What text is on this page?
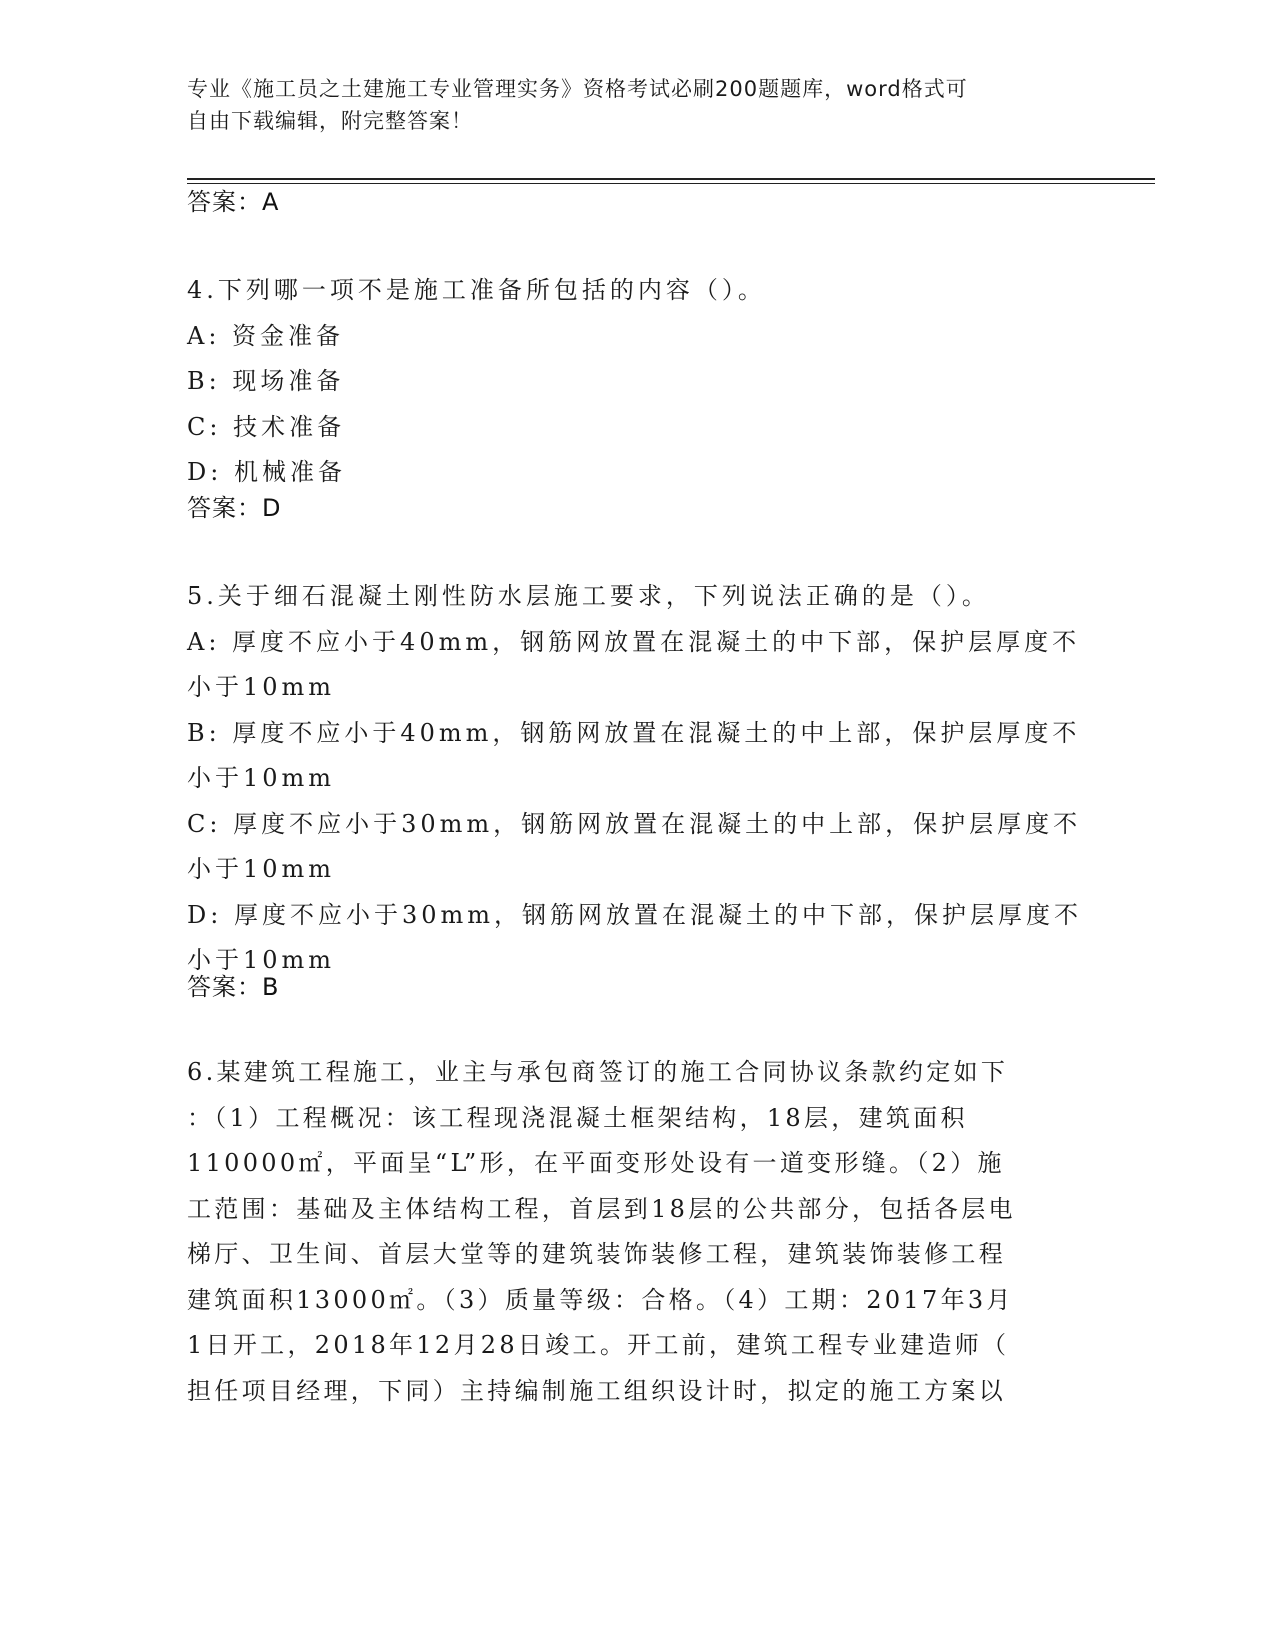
专业《施工员之土建施工专业管理实务》资格考试必刷200题题库，word格式可
自由下载编辑，附完整答案！
答案：A
4.下列哪一项不是施工准备所包括的内容（）。
A: 资金准备
B: 现场准备
C: 技术准备
D: 机械准备
答案：D
5.关于细石混凝土刚性防水层施工要求，下列说法正确的是（）。
A: 厚度不应小于40mm，钢筋网放置在混凝土的中下部，保护层厚度不
小于10mm
B: 厚度不应小于40mm，钢筋网放置在混凝土的中上部，保护层厚度不
小于10mm
C: 厚度不应小于30mm，钢筋网放置在混凝土的中上部，保护层厚度不
小于10mm
D: 厚度不应小于30mm，钢筋网放置在混凝土的中下部，保护层厚度不
小于10mm
答案：B
6.某建筑工程施工，业主与承包商签订的施工合同协议条款约定如下
：（1）工程概况：该工程现浇混凝土框架结构，18层，建筑面积
110000㎡，平面呈“L”形，在平面变形处设有一道变形缝。（2）施
工范围：基础及主体结构工程，首层到18层的公共部分，包括各层电
梯厅、卫生间、首层大堂等的建筑装饰装修工程，建筑装饰装修工程
建筑面积13000㎡。（3）质量等级：合格。（4）工期：2017年3月
1日开工，2018年12月28日竣工。开工前，建筑工程专业建造师（
担任项目经理，下同）主持编制施工组织设计时，拟定的施工方案以
